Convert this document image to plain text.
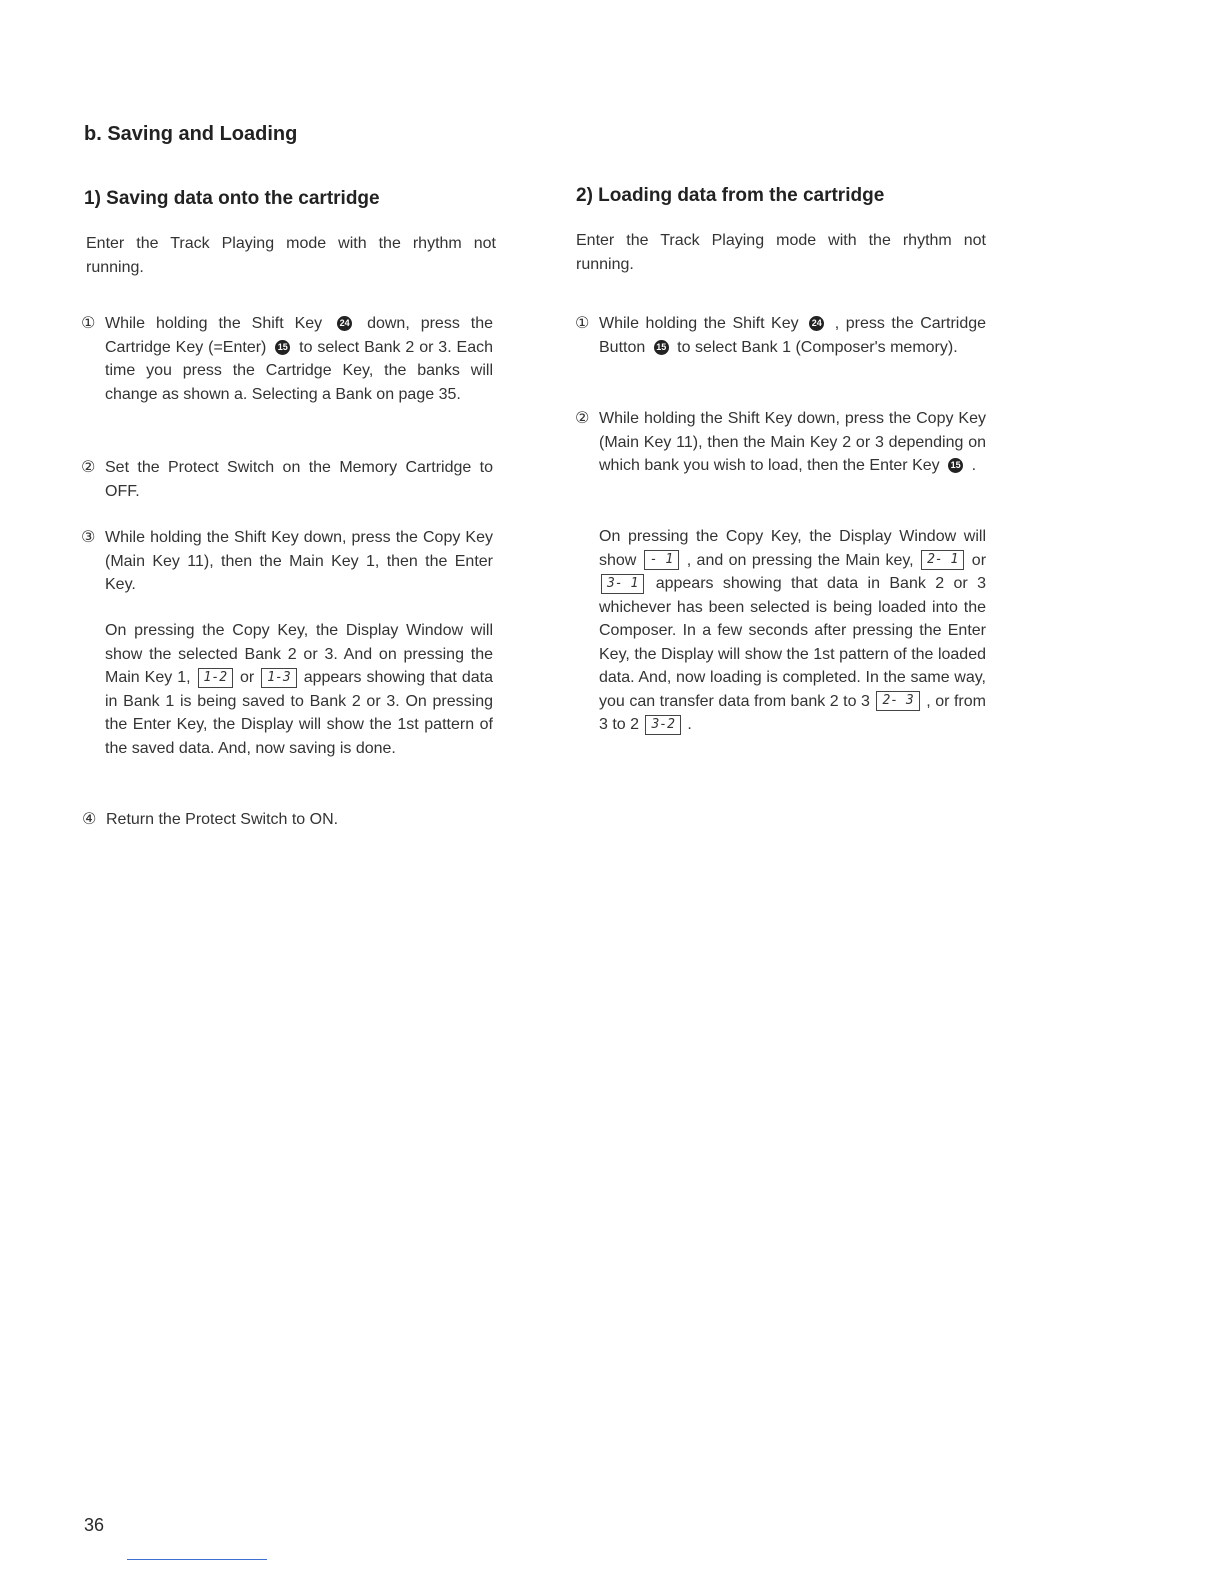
b. Saving and Loading
1) Saving data onto the cartridge
Enter the Track Playing mode with the rhythm not running.
① While holding the Shift Key 24 down, press the Cartridge Key (=Enter) 15 to select Bank 2 or 3. Each time you press the Cartridge Key, the banks will change as shown a. Selecting a Bank on page 35.
② Set the Protect Switch on the Memory Cartridge to OFF.
③ While holding the Shift Key down, press the Copy Key (Main Key 11), then the Main Key 1, then the Enter Key.
On pressing the Copy Key, the Display Window will show the selected Bank 2 or 3. And on pressing the Main Key 1, 1-2 or 1-3 appears showing that data in Bank 1 is being saved to Bank 2 or 3. On pressing the Enter Key, the Display will show the 1st pattern of the saved data. And, now saving is done.
④ Return the Protect Switch to ON.
2) Loading data from the cartridge
Enter the Track Playing mode with the rhythm not running.
① While holding the Shift Key 24 , press the Cartridge Button 15 to select Bank 1 (Composer's memory).
② While holding the Shift Key down, press the Copy Key (Main Key 11), then the Main Key 2 or 3 depending on which bank you wish to load, then the Enter Key 15 .
On pressing the Copy Key, the Display Window will show - 1 , and on pressing the Main key, 2- 1 or 3- 1 appears showing that data in Bank 2 or 3 whichever has been selected is being loaded into the Composer. In a few seconds after pressing the Enter Key, the Display will show the 1st pattern of the loaded data. And, now loading is completed. In the same way, you can transfer data from bank 2 to 3 2- 3 , or from 3 to 2 3-2 .
36
